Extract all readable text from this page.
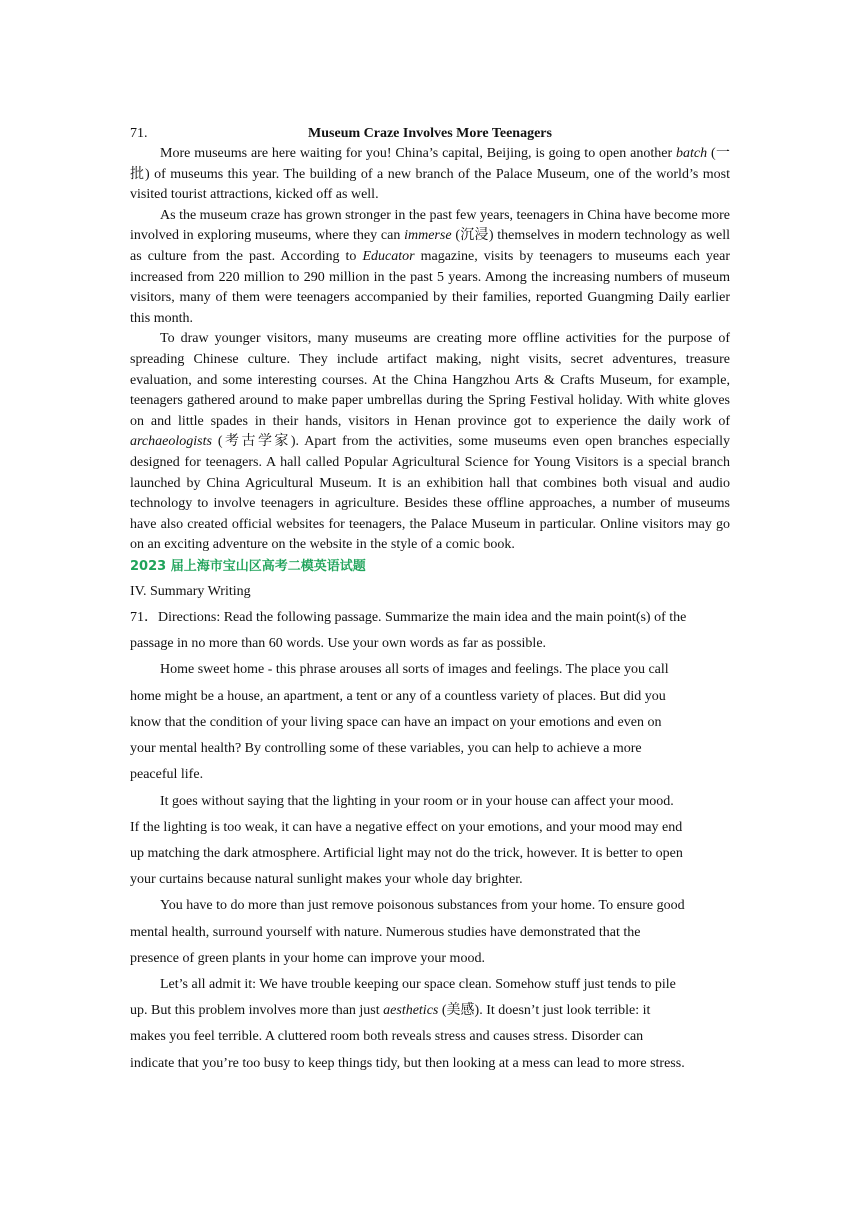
71.	Museum Craze Involves More Teenagers

More museums are here waiting for you! China’s capital, Beijing, is going to open another batch (一批) of museums this year. The building of a new branch of the Palace Museum, one of the world’s most visited tourist attractions, kicked off as well.

As the museum craze has grown stronger in the past few years, teenagers in China have become more involved in exploring museums, where they can immerse (沉浸) themselves in modern technology as well as culture from the past. According to Educator magazine, visits by teenagers to museums each year increased from 220 million to 290 million in the past 5 years. Among the increasing numbers of museum visitors, many of them were teenagers accompanied by their families, reported Guangming Daily earlier this month.

To draw younger visitors, many museums are creating more offline activities for the purpose of spreading Chinese culture. They include artifact making, night visits, secret adventures, treasure evaluation, and some interesting courses. At the China Hangzhou Arts & Crafts Museum, for example, teenagers gathered around to make paper umbrellas during the Spring Festival holiday. With white gloves on and little spades in their hands, visitors in Henan province got to experience the daily work of archaeologists (考古学家). Apart from the activities, some museums even open branches especially designed for teenagers. A hall called Popular Agricultural Science for Young Visitors is a special branch launched by China Agricultural Museum. It is an exhibition hall that combines both visual and audio technology to involve teenagers in agriculture. Besides these offline approaches, a number of museums have also created official websites for teenagers, the Palace Museum in particular. Online visitors may go on an exciting adventure on the website in the style of a comic book.

2023 届上海市宝山区高考二模英语试题

IV. Summary Writing

71．Directions: Read the following passage. Summarize the main idea and the main point(s) of the

passage in no more than 60 words. Use your own words as far as possible.

Home sweet home - this phrase arouses all sorts of images and feelings. The place you call

home might be a house, an apartment, a tent or any of a countless variety of places. But did you

know that the condition of your living space can have an impact on your emotions and even on

your mental health? By controlling some of these variables, you can help to achieve a more

peaceful life.

It goes without saying that the lighting in your room or in your house can affect your mood.

If the lighting is too weak, it can have a negative effect on your emotions, and your mood may end

up matching the dark atmosphere. Artificial light may not do the trick, however. It is better to open

your curtains because natural sunlight makes your whole day brighter.

You have to do more than just remove poisonous substances from your home. To ensure good

mental health, surround yourself with nature. Numerous studies have demonstrated that the

presence of green plants in your home can improve your mood.

Let’s all admit it: We have trouble keeping our space clean. Somehow stuff just tends to pile

up. But this problem involves more than just aesthetics (美感). It doesn’t just look terrible: it

makes you feel terrible. A cluttered room both reveals stress and causes stress. Disorder can

indicate that you’re too busy to keep things tidy, but then looking at a mess can lead to more stress.
